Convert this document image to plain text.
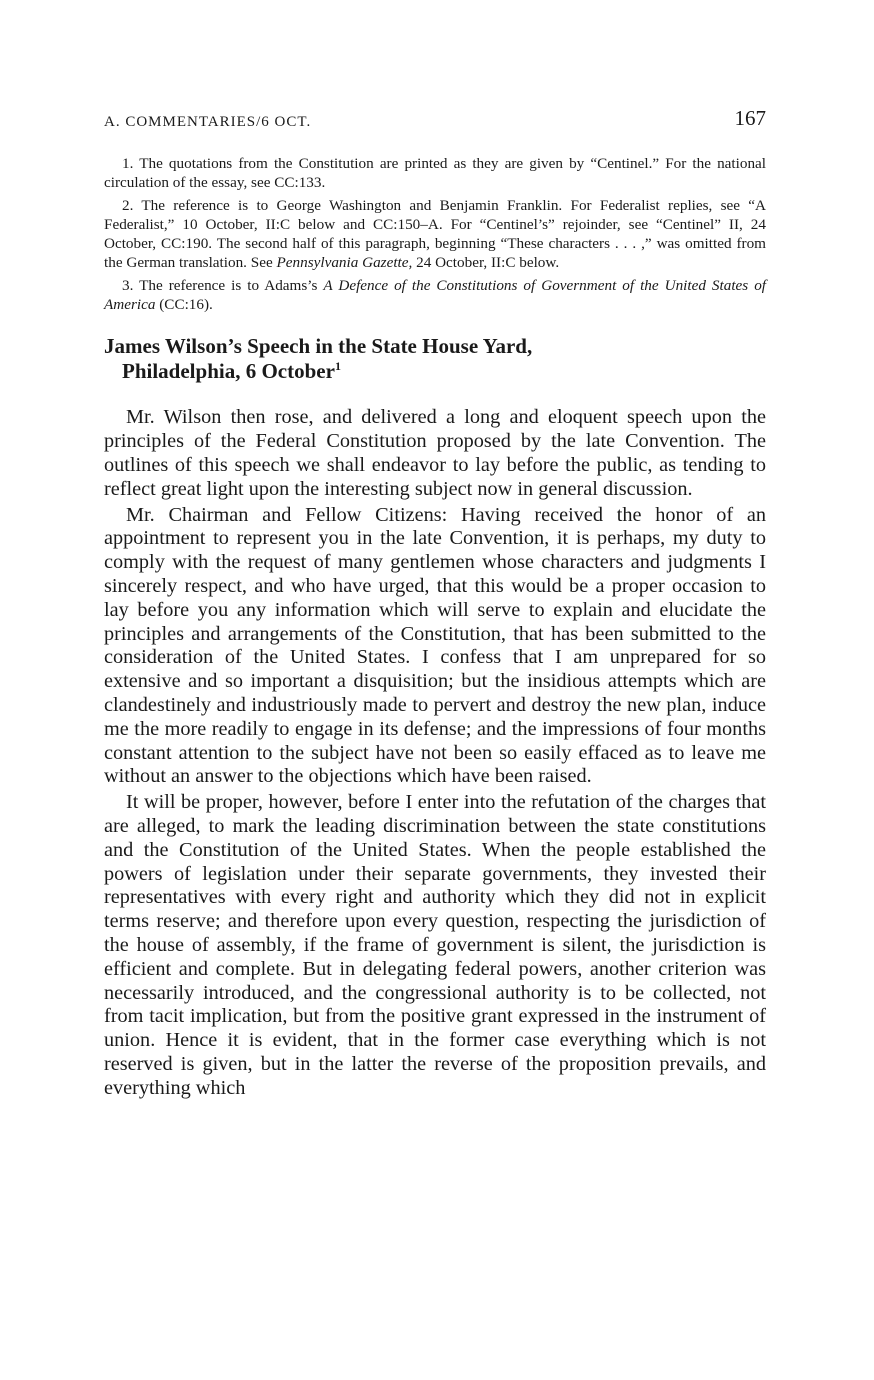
A. COMMENTARIES/6 OCT.	167

1. The quotations from the Constitution are printed as they are given by “Centinel.” For the national circulation of the essay, see CC:133.

2. The reference is to George Washington and Benjamin Franklin. For Federalist replies, see “A Federalist,” 10 October, II:C below and CC:150–A. For “Centinel’s” rejoinder, see “Centinel” II, 24 October, CC:190. The second half of this paragraph, beginning “These characters . . . ,” was omitted from the German translation. See Pennsylvania Gazette, 24 October, II:C below.

3. The reference is to Adams’s A Defence of the Constitutions of Government of the United States of America (CC:16).

James Wilson’s Speech in the State House Yard,
Philadelphia, 6 October$^1$

Mr. Wilson then rose, and delivered a long and eloquent speech upon the principles of the Federal Constitution proposed by the late Convention. The outlines of this speech we shall endeavor to lay before the public, as tending to reflect great light upon the interesting subject now in general discussion.

Mr. Chairman and Fellow Citizens: Having received the honor of an appointment to represent you in the late Convention, it is perhaps, my duty to comply with the request of many gentlemen whose characters and judgments I sincerely respect, and who have urged, that this would be a proper occasion to lay before you any information which will serve to explain and elucidate the principles and arrangements of the Constitution, that has been submitted to the consideration of the United States. I confess that I am unprepared for so extensive and so important a disquisition; but the insidious attempts which are clandestinely and industriously made to pervert and destroy the new plan, induce me the more readily to engage in its defense; and the impressions of four months constant attention to the subject have not been so easily effaced as to leave me without an answer to the objections which have been raised.

It will be proper, however, before I enter into the refutation of the charges that are alleged, to mark the leading discrimination between the state constitutions and the Constitution of the United States. When the people established the powers of legislation under their separate governments, they invested their representatives with every right and authority which they did not in explicit terms reserve; and therefore upon every question, respecting the jurisdiction of the house of assembly, if the frame of government is silent, the jurisdiction is efficient and complete. But in delegating federal powers, another criterion was necessarily introduced, and the congressional authority is to be collected, not from tacit implication, but from the positive grant expressed in the instrument of union. Hence it is evident, that in the former case everything which is not reserved is given, but in the latter the reverse of the proposition prevails, and everything which
